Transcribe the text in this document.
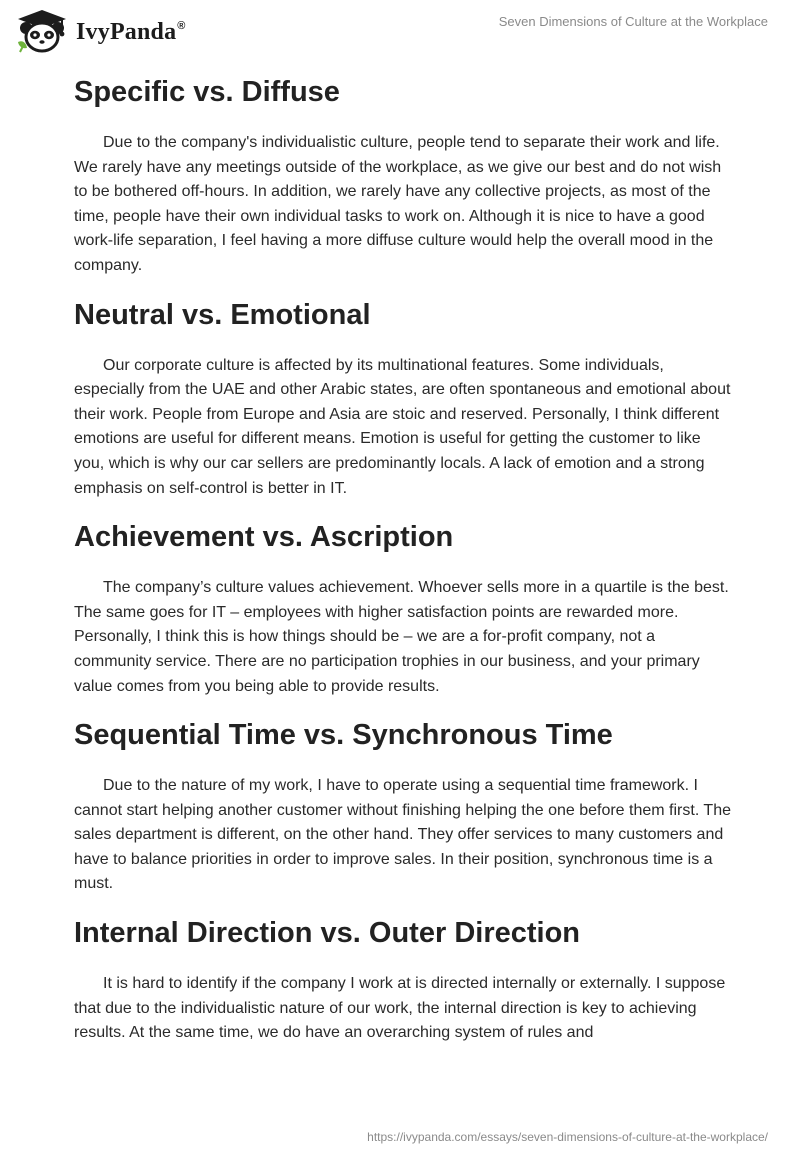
IvyPanda®	Seven Dimensions of Culture at the Workplace
Specific vs. Diffuse

Due to the company's individualistic culture, people tend to separate their work and life. We rarely have any meetings outside of the workplace, as we give our best and do not wish to be bothered off-hours. In addition, we rarely have any collective projects, as most of the time, people have their own individual tasks to work on. Although it is nice to have a good work-life separation, I feel having a more diffuse culture would help the overall mood in the company.

Neutral vs. Emotional

Our corporate culture is affected by its multinational features. Some individuals, especially from the UAE and other Arabic states, are often spontaneous and emotional about their work. People from Europe and Asia are stoic and reserved. Personally, I think different emotions are useful for different means. Emotion is useful for getting the customer to like you, which is why our car sellers are predominantly locals. A lack of emotion and a strong emphasis on self-control is better in IT.

Achievement vs. Ascription

The company’s culture values achievement. Whoever sells more in a quartile is the best. The same goes for IT – employees with higher satisfaction points are rewarded more. Personally, I think this is how things should be – we are a for-profit company, not a community service. There are no participation trophies in our business, and your primary value comes from you being able to provide results.

Sequential Time vs. Synchronous Time

Due to the nature of my work, I have to operate using a sequential time framework. I cannot start helping another customer without finishing helping the one before them first. The sales department is different, on the other hand. They offer services to many customers and have to balance priorities in order to improve sales. In their position, synchronous time is a must.

Internal Direction vs. Outer Direction

It is hard to identify if the company I work at is directed internally or externally. I suppose that due to the individualistic nature of our work, the internal direction is key to achieving results. At the same time, we do have an overarching system of rules and

https://ivypanda.com/essays/seven-dimensions-of-culture-at-the-workplace/
